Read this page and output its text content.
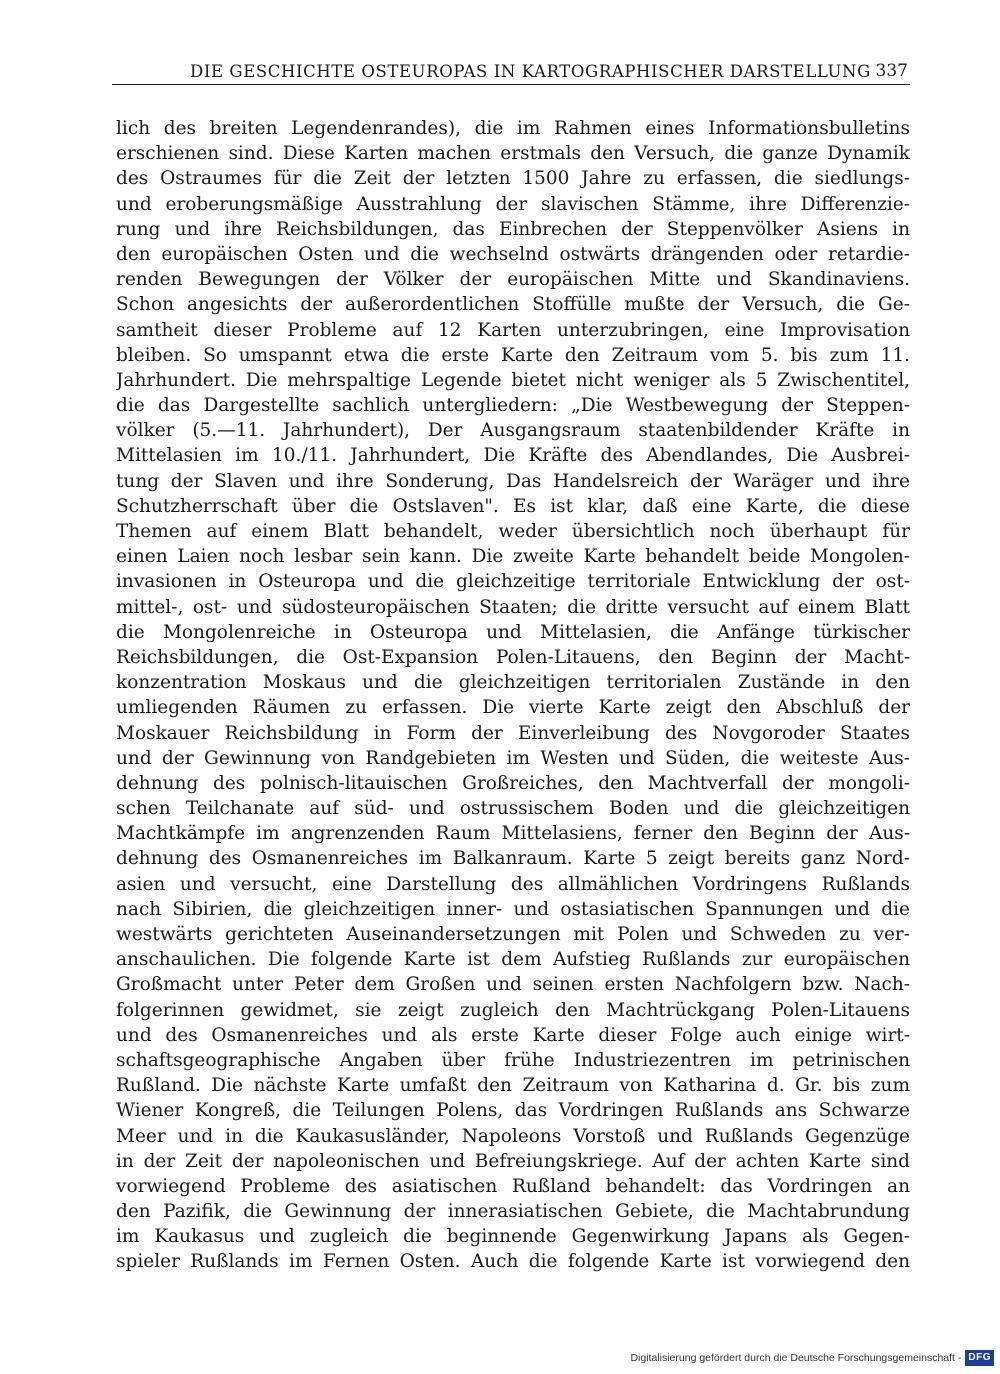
DIE GESCHICHTE OSTEUROPAS IN KARTOGRAPHISCHER DARSTELLUNG 337
lich des breiten Legendenrandes), die im Rahmen eines Informationsbulletins
erschienen sind. Diese Karten machen erstmals den Versuch, die ganze Dynamik
des Ostraumes für die Zeit der letzten 1500 Jahre zu erfassen, die siedlungs-
und eroberungsmäßige Ausstrahlung der slavischen Stämme, ihre Differenzie-
rung und ihre Reichsbildungen, das Einbrechen der Steppenvölker Asiens in
den europäischen Osten und die wechselnd ostwärts drängenden oder retardie-
renden Bewegungen der Völker der europäischen Mitte und Skandinaviens.
Schon angesichts der außerordentlichen Stoffülle mußte der Versuch, die Ge-
samtheit dieser Probleme auf 12 Karten unterzubringen, eine Improvisation
bleiben. So umspannt etwa die erste Karte den Zeitraum vom 5. bis zum 11.
Jahrhundert. Die mehrspaltige Legende bietet nicht weniger als 5 Zwischentitel,
die das Dargestellte sachlich untergliedern: „Die Westbewegung der Steppen-
völker (5.—11. Jahrhundert), Der Ausgangsraum staatenbildender Kräfte in
Mittelasien im 10./11. Jahrhundert, Die Kräfte des Abendlandes, Die Ausbrei-
tung der Slaven und ihre Sonderung, Das Handelsreich der Waräger und ihre
Schutzherrschaft über die Ostslaven". Es ist klar, daß eine Karte, die diese
Themen auf einem Blatt behandelt, weder übersichtlich noch überhaupt für
einen Laien noch lesbar sein kann. Die zweite Karte behandelt beide Mongolen-
invasionen in Osteuropa und die gleichzeitige territoriale Entwicklung der ost-
mittel-, ost- und südosteuropäischen Staaten; die dritte versucht auf einem Blatt
die Mongolenreiche in Osteuropa und Mittelasien, die Anfänge türkischer
Reichsbildungen, die Ost-Expansion Polen-Litauens, den Beginn der Macht-
konzentration Moskaus und die gleichzeitigen territorialen Zustände in den
umliegenden Räumen zu erfassen. Die vierte Karte zeigt den Abschluß der
Moskauer Reichsbildung in Form der Einverleibung des Novgoroder Staates
und der Gewinnung von Randgebieten im Westen und Süden, die weiteste Aus-
dehnung des polnisch-litauischen Großreiches, den Machtverfall der mongoli-
schen Teilchanate auf süd- und ostrussischem Boden und die gleichzeitigen
Machtkämpfe im angrenzenden Raum Mittelasiens, ferner den Beginn der Aus-
dehnung des Osmanenreiches im Balkanraum. Karte 5 zeigt bereits ganz Nord-
asien und versucht, eine Darstellung des allmählichen Vordringens Rußlands
nach Sibirien, die gleichzeitigen inner- und ostasiatischen Spannungen und die
westwärts gerichteten Auseinandersetzungen mit Polen und Schweden zu ver-
anschaulichen. Die folgende Karte ist dem Aufstieg Rußlands zur europäischen
Großmacht unter Peter dem Großen und seinen ersten Nachfolgern bzw. Nach-
folgerinnen gewidmet, sie zeigt zugleich den Machtrückgang Polen-Litauens
und des Osmanenreiches und als erste Karte dieser Folge auch einige wirt-
schaftsgeographische Angaben über frühe Industriezentren im petrinischen
Rußland. Die nächste Karte umfaßt den Zeitraum von Katharina d. Gr. bis zum
Wiener Kongreß, die Teilungen Polens, das Vordringen Rußlands ans Schwarze
Meer und in die Kaukasusländer, Napoleons Vorstoß und Rußlands Gegenzüge
in der Zeit der napoleonischen und Befreiungskriege. Auf der achten Karte sind
vorwiegend Probleme des asiatischen Rußland behandelt: das Vordringen an
den Pazifik, die Gewinnung der innerasiatischen Gebiete, die Machtabrundung
im Kaukasus und zugleich die beginnende Gegenwirkung Japans als Gegen-
spieler Rußlands im Fernen Osten. Auch die folgende Karte ist vorwiegend den
Digitalisierung gefördert durch die Deutsche Forschungsgemeinschaft - DFG
